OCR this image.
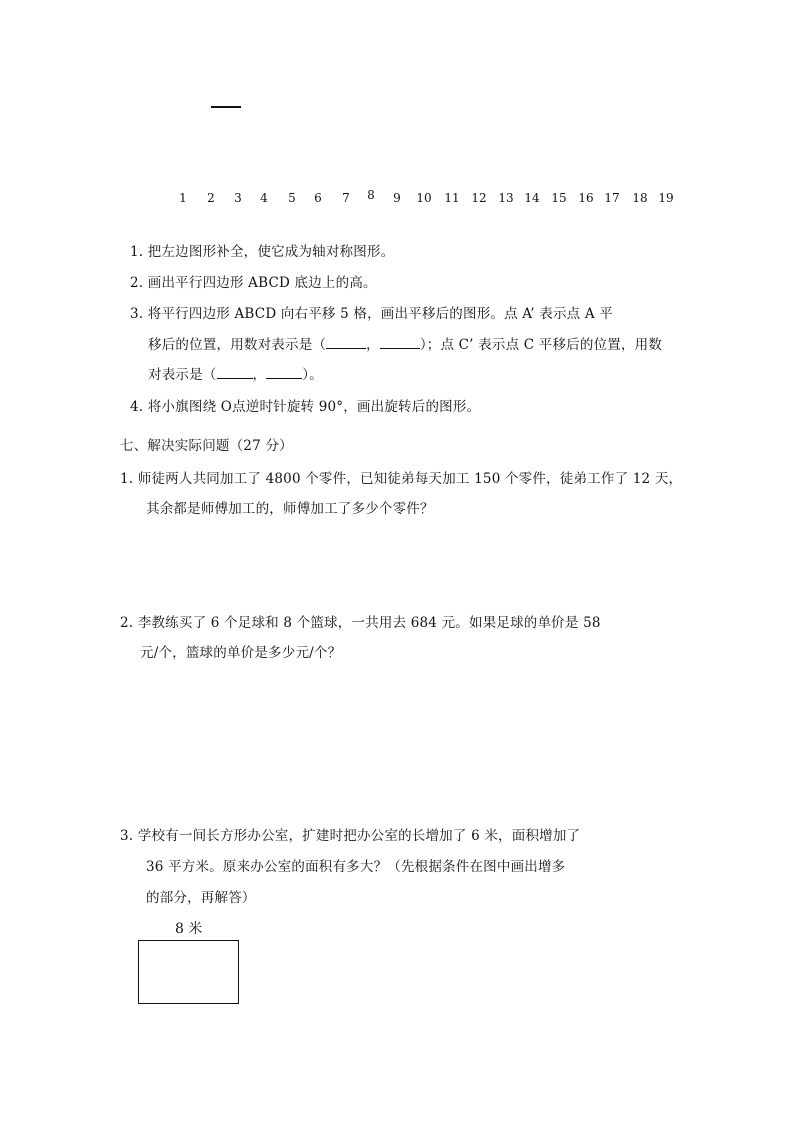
1 2 3 4 5 6 7 8 9 10 11 12 13 14 15 16 17 18 19
1. 把左边图形补全，使它成为轴对称图形。
2. 画出平行四边形 ABCD 底边上的高。
3. 将平行四边形 ABCD 向右平移 5 格，画出平移后的图形。点 A’ 表示点 A 平
移后的位置，用数对表示是（	，	）；点 C’ 表示点 C 平移后的位置，用数
对表示是（	，	）。
4. 将小旗图绕 O点逆时针旋转 90°，画出旋转后的图形。
七、解决实际问题（27 分）
1. 师徒两人共同加工了 4800 个零件，已知徒弟每天加工 150 个零件，徒弟工作了 12 天，
其余都是师傅加工的，师傅加工了多少个零件？
2. 李教练买了 6 个足球和 8 个篮球，一共用去 684 元。如果足球的单价是 58
元/个，篮球的单价是多少元/个？
3. 学校有一间长方形办公室，扩建时把办公室的长增加了 6 米，面积增加了
36 平方米。原来办公室的面积有多大？（先根据条件在图中画出增多
的部分，再解答）
8 米
